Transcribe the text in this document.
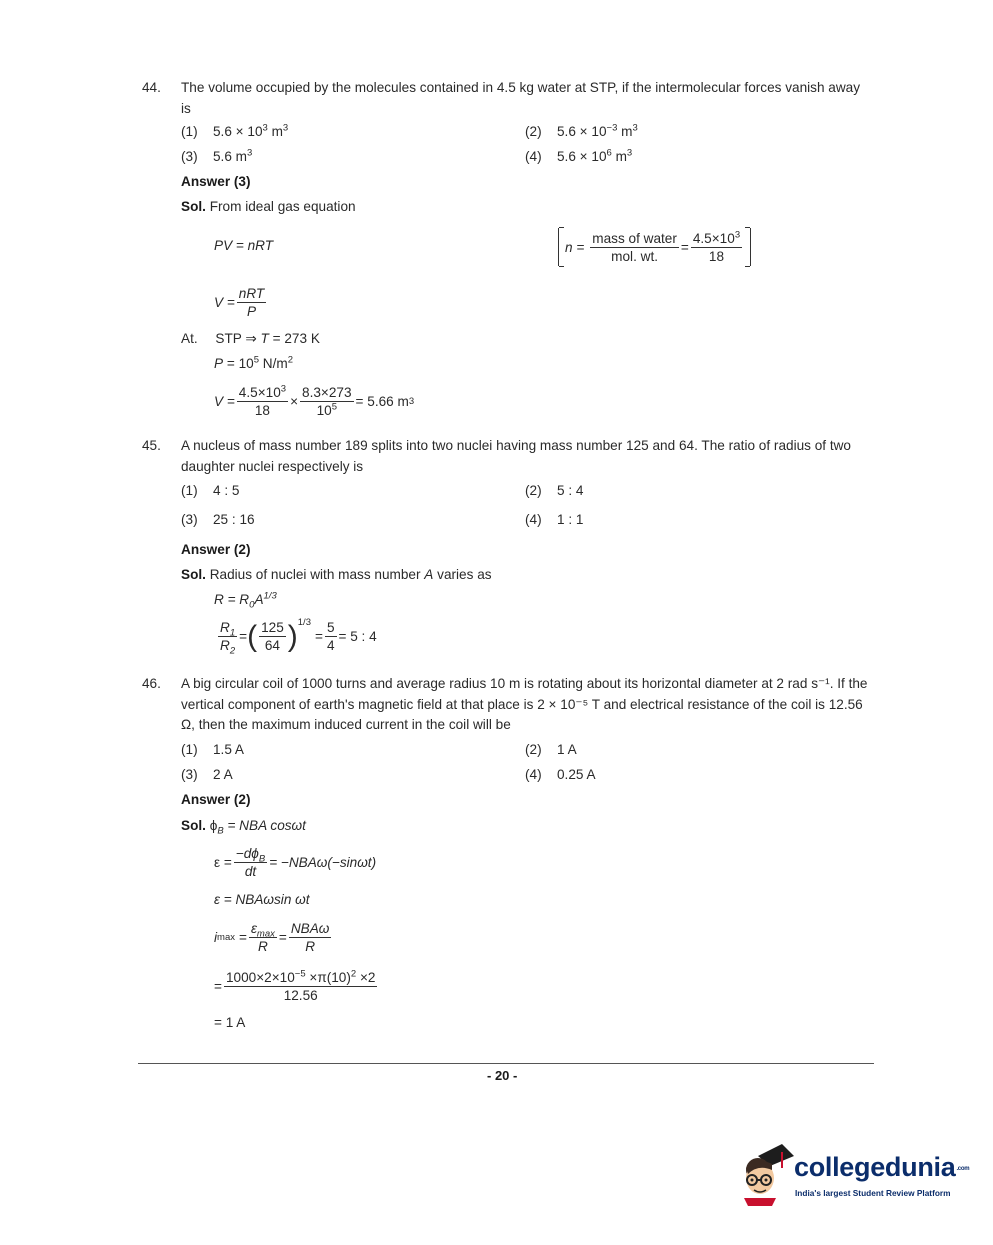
44. The volume occupied by the molecules contained in 4.5 kg water at STP, if the intermolecular forces vanish away is
(1) $5.6 \times 10^3$ $m^3$	(2) $5.6 \times 10^{-3}$ $m^3$
(3) 5.6 $m^3$	(4) $5.6 \times 10^6$ $m^3$
Answer (3)
Sol. From ideal gas equation
PV = nRT	$n = \frac{\text{mass of water}}{\text{mol. wt.}} = \frac{4.5\times 10^3}{18}$
$V = \frac{\text{nRT}}{P}$
At. STP ⇒ T = 273 K
$P = 10^5$ $N/m^2$
$V = \frac{4.5\times 10^3}{18} \times \frac{8.3\times 273}{10^5} = 5.66$ m 3
45. A nucleus of mass number 189 splits into two nuclei having mass number 125 and 64. The ratio of radius of two daughter nuclei respectively is
(1) 4 : 5	(2) 5 : 4
(3) 25 : 16	(4) 1 : 1
Answer (2)
Sol. Radius of nuclei with mass number A varies as
$R = R_0A^{1/3}$
$\frac{R_1}{R_2}$ = ( $\frac{125}{64}$ ) 1/3
= $\frac{5}{4} = 5$ : 4
46. A big circular coil of 1000 turns and average radius 10 m is rotating about its horizontal diameter at 2 rad s⁻¹. If the vertical component of earth's magnetic field at that place is 2 × 10⁻⁵ T and electrical resistance of the coil is 12.56 Ω, then the maximum induced current in the coil will be
(1) 1.5 A	(2) 1 A
(3) 2 A	(4) 0.25 A
Answer (2)
Sol. $\phi_B$ = NBA cosωt
$\varepsilon = \frac{-d\phi_B}{dt} = -NBA\omega(-\sin\omega t)$
ε = NBAωsin ωt
i $\max = \frac{\varepsilon_{max}}{R} = \frac{\text{NBAω}}{R}$
= $\frac{1000\times 2\times 10^{-5} \times\pi(10)^2 \times 2}{12.56}$
= 1 A
- 20 -
collegedunia.com
India's largest Student Review Platform
